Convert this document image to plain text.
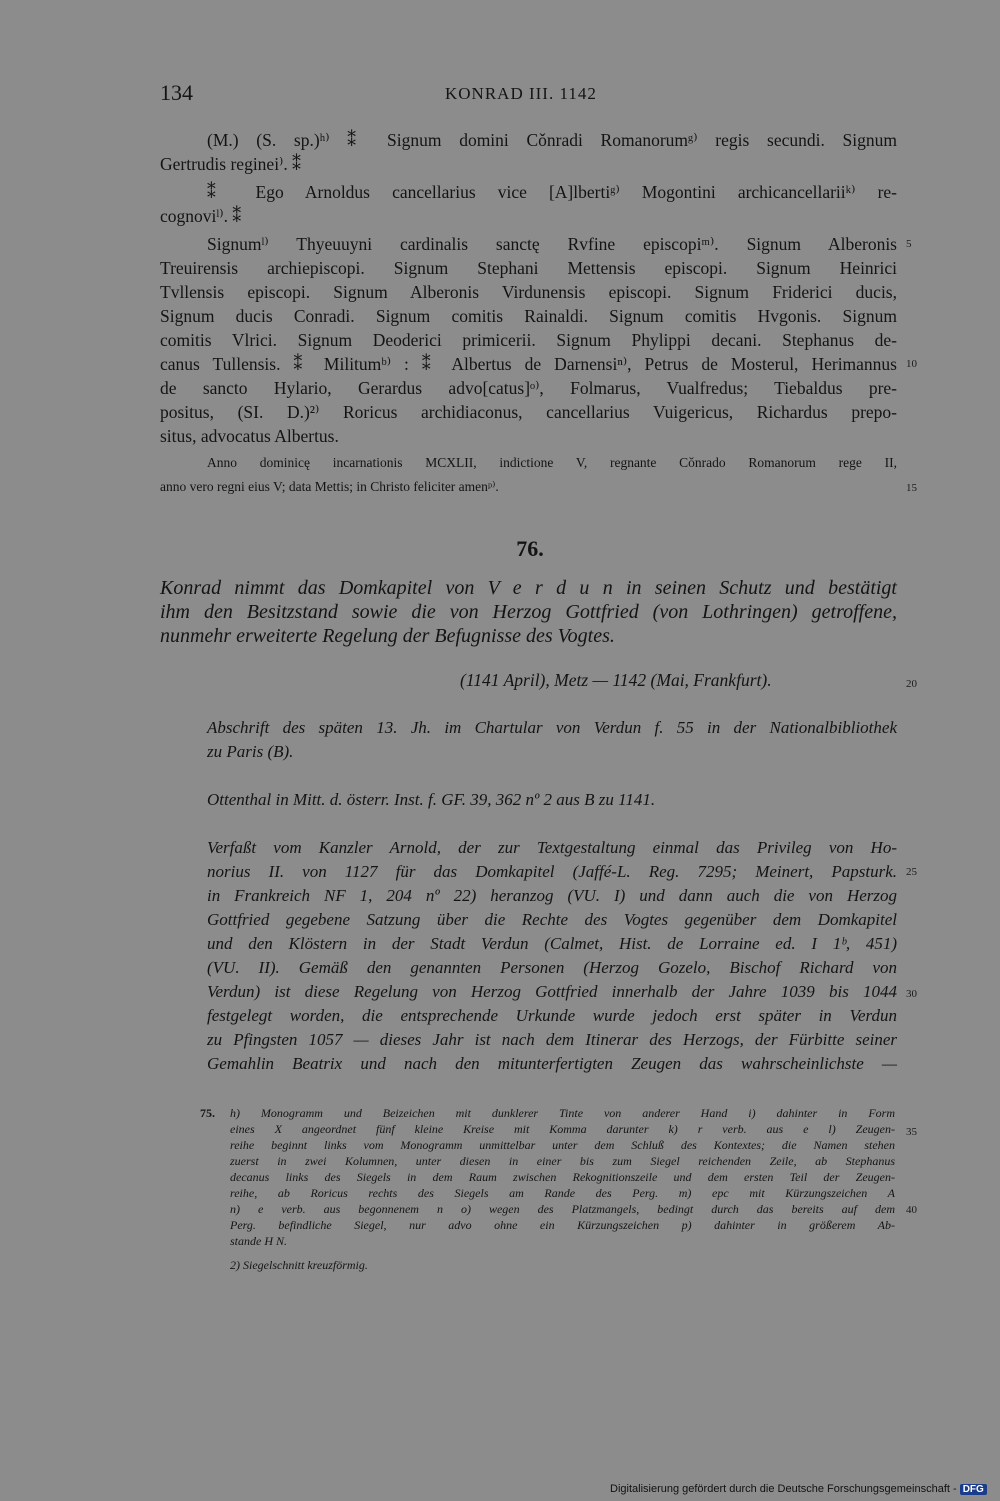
134	KONRAD III. 1142
(M.) (S. sp.)ʰ⁾ ⁑ Signum domini Cǒnradi Romanorumᵍ⁾ regis secundi. Signum
Gertrudis reginei⁾. ⁑
⁑ Ego Arnoldus cancellarius vice [A]lbertiᵍ⁾ Mogontini archicancellariiᵏ⁾ re-
cognoviˡ⁾. ⁑
Signumˡ⁾ Thyeuuyni cardinalis sanctę Rvfine episcopiᵐ⁾. Signum Alberonis
Treuirensis archiepiscopi. Signum Stephani Mettensis episcopi. Signum Heinrici
Tvllensis episcopi. Signum Alberonis Virdunensis episcopi. Signum Friderici ducis,
Signum ducis Conradi. Signum comitis Rainaldi. Signum comitis Hvgonis. Signum
comitis Vlrici. Signum Deoderici primicerii. Signum Phylippi decani. Stephanus de-
canus Tullensis. ⁑ Militumᵇ⁾ : ⁑ Albertus de Darnensiⁿ⁾, Petrus de Mosterul, Herimannus
de sancto Hylario, Gerardus advo[catus]ᵒ⁾, Folmarus, Vualfredus; Tiebaldus pre-
positus, (SI. D.)²⁾ Roricus archidiaconus, cancellarius Vuigericus, Richardus prepo-
situs, advocatus Albertus.
Anno dominicę incarnationis MCXLII, indictione V, regnante Cǒnrado Romanorum rege II,
anno vero regni eius V; data Mettis; in Christo feliciter amenᵖ⁾.
5
10
15
20
25
30
35
40
76.
Konrad nimmt das Domkapitel von V e r d u n in seinen Schutz und bestätigt
ihm den Besitzstand sowie die von Herzog Gottfried (von Lothringen) getroffene,
nunmehr erweiterte Regelung der Befugnisse des Vogtes.
(1141 April), Metz — 1142 (Mai, Frankfurt).
Abschrift des späten 13. Jh. im Chartular von Verdun f. 55 in der Nationalbibliothek
zu Paris (B).
Ottenthal in Mitt. d. österr. Inst. f. GF. 39, 362 nº 2 aus B zu 1141.
Verfaßt vom Kanzler Arnold, der zur Textgestaltung einmal das Privileg von Ho-
norius II. von 1127 für das Domkapitel (Jaffé-L. Reg. 7295; Meinert, Papsturk.
in Frankreich NF 1, 204 nº 22) heranzog (VU. I) und dann auch die von Herzog
Gottfried gegebene Satzung über die Rechte des Vogtes gegenüber dem Domkapitel
und den Klöstern in der Stadt Verdun (Calmet, Hist. de Lorraine ed. I 1ᵇ, 451)
(VU. II). Gemäß den genannten Personen (Herzog Gozelo, Bischof Richard von
Verdun) ist diese Regelung von Herzog Gottfried innerhalb der Jahre 1039 bis 1044
festgelegt worden, die entsprechende Urkunde wurde jedoch erst später in Verdun
zu Pfingsten 1057 — dieses Jahr ist nach dem Itinerar des Herzogs, der Fürbitte seiner
Gemahlin Beatrix und nach den mitunterfertigten Zeugen das wahrscheinlichste —
75. h) Monogramm und Beizeichen mit dunklerer Tinte von anderer Hand i) dahinter in Form
eines X angeordnet fünf kleine Kreise mit Komma darunter k) r verb. aus e l) Zeugen-
reihe beginnt links vom Monogramm unmittelbar unter dem Schluß des Kontextes; die Namen stehen
zuerst in zwei Kolumnen, unter diesen in einer bis zum Siegel reichenden Zeile, ab Stephanus
decanus links des Siegels in dem Raum zwischen Rekognitionszeile und dem ersten Teil der Zeugen-
reihe, ab Roricus rechts des Siegels am Rande des Perg. m) epc mit Kürzungszeichen A
n) e verb. aus begonnenem n o) wegen des Platzmangels, bedingt durch das bereits auf dem
Perg. befindliche Siegel, nur advo ohne ein Kürzungszeichen p) dahinter in größerem Ab-
stande H N.
2) Siegelschnitt kreuzförmig.
Digitalisierung gefördert durch die Deutsche Forschungsgemeinschaft - DFG
